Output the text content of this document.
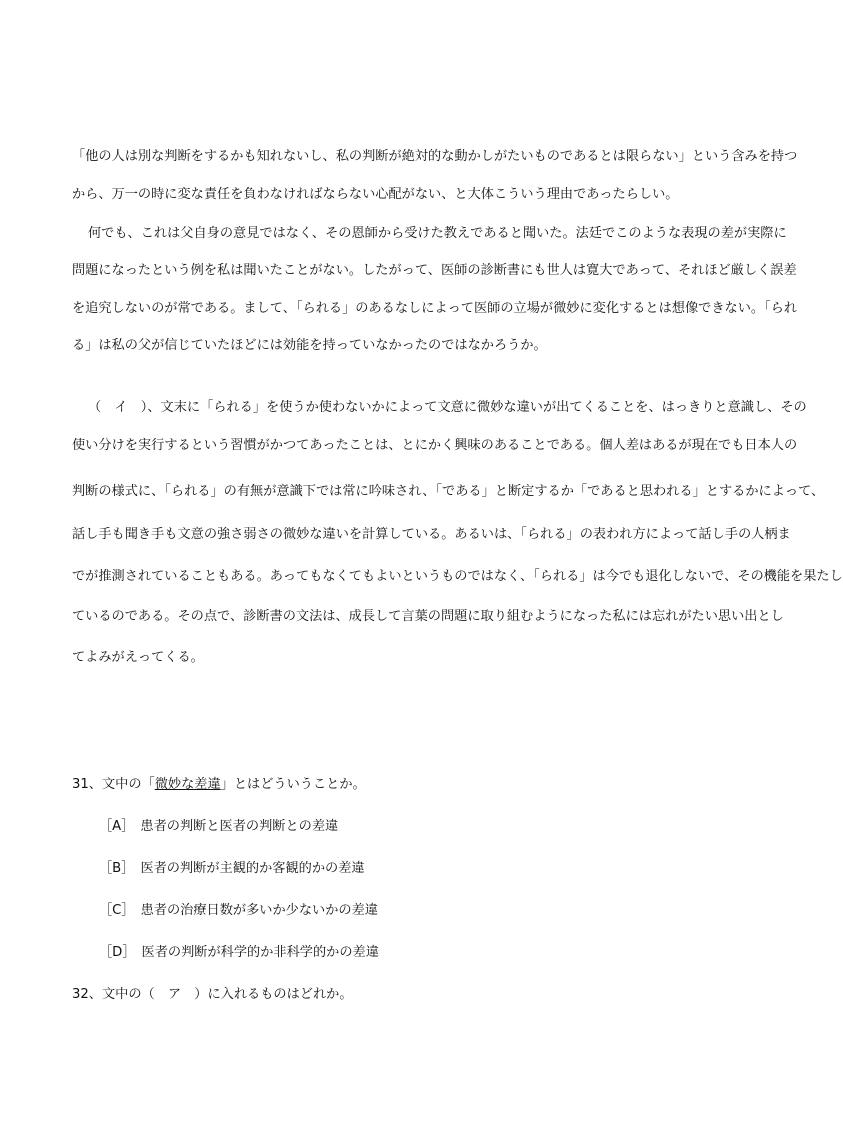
「他の人は別な判断をするかも知れないし、私の判断が絶対的な動かしがたいものであるとは限らない」という含みを持つ
から、万一の時に変な責任を負わなければならない心配がない、と大体こういう理由であったらしい。
何でも、これは父自身の意見ではなく、その恩師から受けた教えであると聞いた。法廷でこのような表現の差が実際に
問題になったという例を私は聞いたことがない。したがって、医師の診断書にも世人は寛大であって、それほど厳しく誤差
を追究しないのが常である。まして、「られる」のあるなしによって医師の立場が微妙に変化するとは想像できない。「られ
る」は私の父が信じていたほどには効能を持っていなかったのではなかろうか。
（　イ　）、文末に「られる」を使うか使わないかによって文意に微妙な違いが出てくることを、はっきりと意識し、その
使い分けを実行するという習慣がかつてあったことは、とにかく興味のあることである。個人差はあるが現在でも日本人の
判断の様式に、「られる」の有無が意識下では常に吟味され、「である」と断定するか「であると思われる」とするかによって、
話し手も聞き手も文意の強さ弱さの微妙な違いを計算している。あるいは、「られる」の表われ方によって話し手の人柄ま
でが推測されていることもある。あってもなくてもよいというものではなく、「られる」は今でも退化しないで、その機能を果たし
ているのである。その点で、診断書の文法は、成長して言葉の問題に取り組むようになった私には忘れがたい思い出とし
てよみがえってくる。
31、文中の「微妙な差違」とはどういうことか。
［A］ 患者の判断と医者の判断との差違
［B］ 医者の判断が主観的か客観的かの差違
［C］ 患者の治療日数が多いか少ないかの差違
［D］ 医者の判断が科学的か非科学的かの差違
32、文中の（　ア　）に入れるものはどれか。
